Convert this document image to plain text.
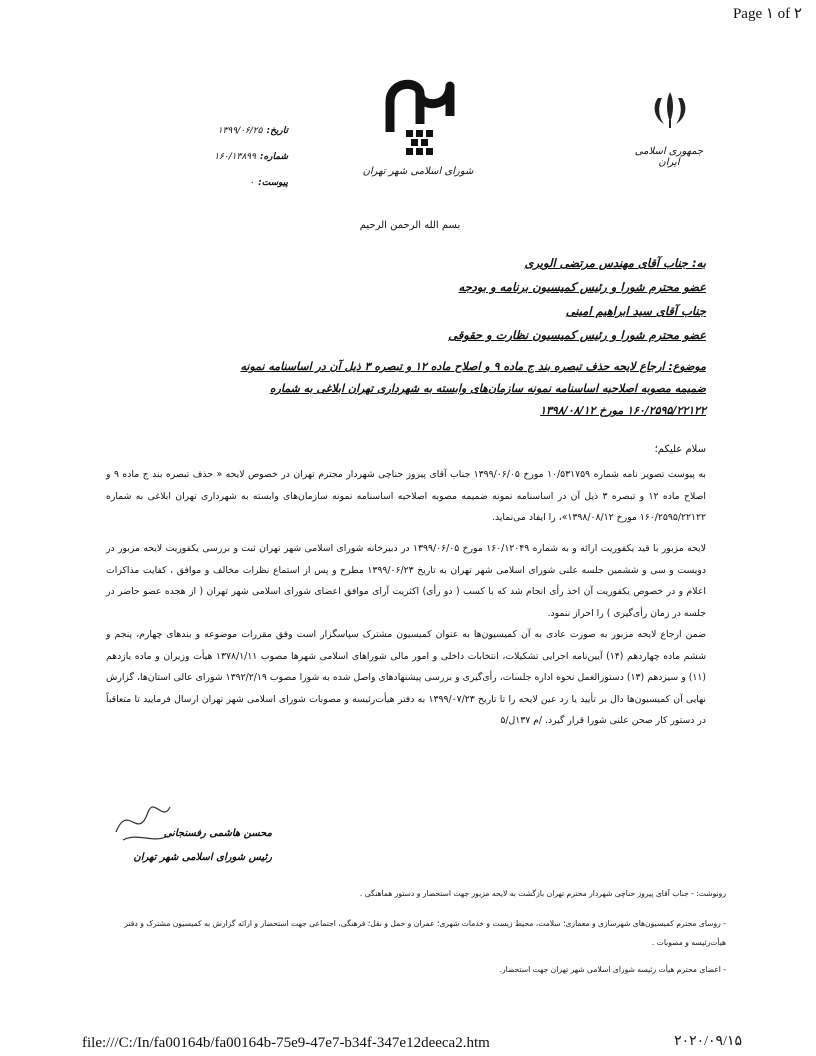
Page ۱ of ۲
جمهوری اسلامی ایران
شورای اسلامی شهر تهران
تاریخ:۱۳۹۹/۰۶/۲۵
شماره:۱۶۰/۱۳۸۹۹
پیوست:۰
بسم الله الرحمن الرحیم
به: جناب آقای مهندس مرتضی الویری
عضو محترم شورا و رئیس کمیسیون برنامه و بودجه
جناب آقای سید ابراهیم امینی
عضو محترم شورا و رئیس کمیسیون نظارت و حقوقی
موضوع: ارجاع لایحه حذف تبصره بند ج ماده ۹ و اصلاح ماده ۱۲ و تبصره ۳ ذیل آن در اساسنامه نمونه
ضمیمه مصوبه اصلاحیه اساسنامه نمونه سازمان‌های وابسته به شهرداری تهران ابلاغی به شماره
۱۶۰/۲۵۹۵/۲۲۱۲۲ مورخ ۱۳۹۸/۰۸/۱۲
سلام علیکم؛
به پیوست تصویر نامه شماره ۱۰/۵۳۱۷۵۹ مورخ ۱۳۹۹/۰۶/۰۵ جناب آقای پیروز حناچی شهردار محترم تهران در خصوص لایحه « حذف تبصره بند ج ماده ۹ و اصلاح ماده ۱۲ و تبصره ۳ ذیل آن در اساسنامه نمونه ضمیمه مصوبه اصلاحیه اساسنامه نمونه سازمان‌های وابسته به شهرداری تهران ابلاغی به شماره ۱۶۰/۲۵۹۵/۲۲۱۲۲ مورخ ۱۳۹۸/۰۸/۱۲»، را ایفاد می‌نماید.
لایحه مزبور با قید یکفوریت ارائه و به شماره ۱۶۰/۱۲۰۴۹ مورخ ۱۳۹۹/۰۶/۰۵ در دبیرخانه شورای اسلامی شهر تهران ثبت و بررسی یکفوریت لایحه مزبور در دویست و سی و ششمین جلسه علنی شورای اسلامی شهر تهران به تاریخ ۱۳۹۹/۰۶/۲۳ مطرح و پس از استماع نظرات مخالف و موافق ، کفایت مذاکرات اعلام و در خصوص یکفوریت آن اخذ رأی انجام شد که با کسب ( دو رأی) اکثریت آرای موافق اعضای شورای اسلامی شهر تهران ( از هجده عضو حاضر در جلسه در زمان رأی‌گیری ) را احراز ننمود.
ضمن ارجاع لایحه مزبور به صورت عادی به آن کمیسیون‌ها به عنوان کمیسیون مشترک سپاسگزار است وفق مقررات موضوعه و بندهای چهارم، پنجم و ششم ماده چهاردهم (۱۴) آیین‌نامه اجرایی تشکیلات، انتخابات داخلی و امور مالی شوراهای اسلامی شهرها مصوب ۱۳۷۸/۱/۱۱ هیأت وزیران و ماده یازدهم (۱۱) و سیزدهم (۱۳) دستورالعمل نحوه اداره جلسات، رأی‌گیری و بررسی پیشنهادهای واصل شده به شورا مصوب ۱۳۹۲/۲/۱۹ شورای عالی استان‌ها، گزارش نهایی آن کمیسیون‌ها دال بر تأیید یا رد عین لایحه را تا تاریخ ۱۳۹۹/۰۷/۲۳ به دفتر هیأت‌رئیسه و مصوبات شورای اسلامی شهر تهران ارسال فرمایید تا متعاقباً در دستور کار صحن علنی شورا قرار گیرد. /م ۱۳۷ل/۵
محسن هاشمی رفسنجانی
رئیس شورای اسلامی شهر تهران
رونوشت: - جناب آقای پیروز حناچی شهردار محترم تهران بازگشت به لایحه مزبور جهت استحضار و دستور هماهنگی .
- روسای محترم کمیسیون‌های شهرسازی و معماری؛ سلامت، محیط زیست و خدمات شهری؛ عمران و حمل و نقل؛ فرهنگی، اجتماعی جهت استحضار و ارائه گزارش به کمیسیون مشترک و دفتر هیأت‌رئیسه و مصوبات .
- اعضای محترم هیأت رئیسه شورای اسلامی شهر تهران جهت استحضار.
file:///C:/In/fa00164b/fa00164b-75e9-47e7-b34f-347e12deeca2.htm	۲۰۲۰/۰۹/۱۵
